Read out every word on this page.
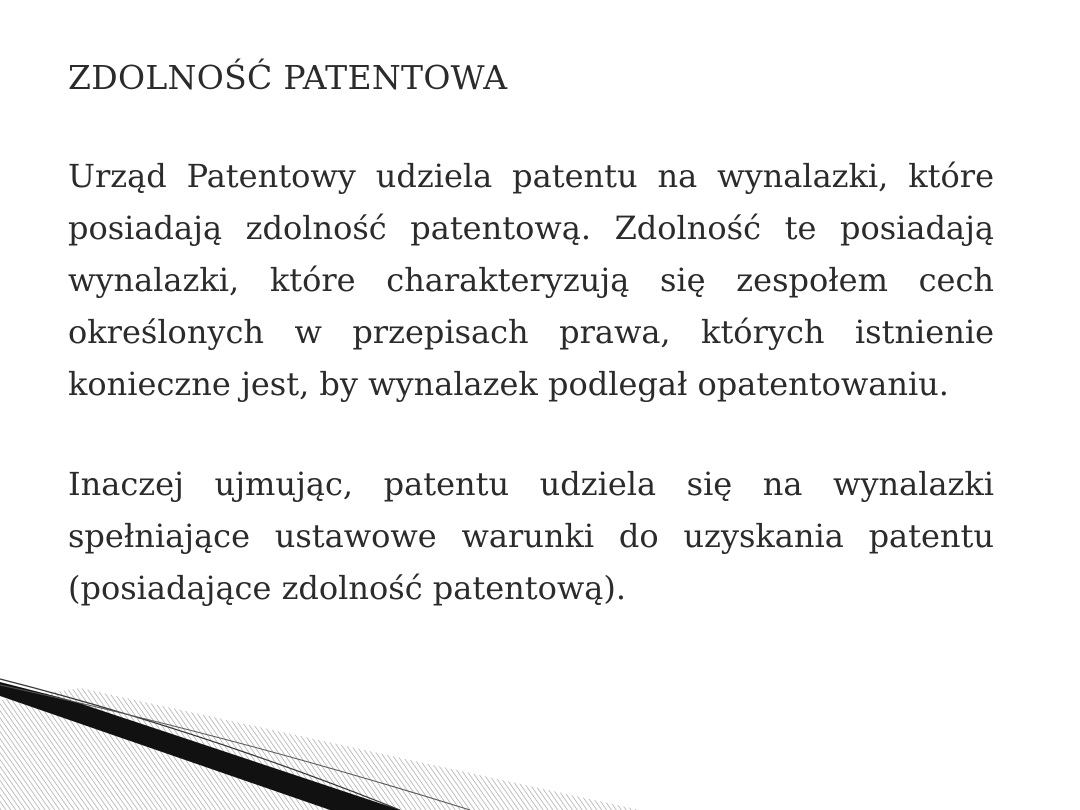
ZDOLNOŚĆ PATENTOWA

Urząd Patentowy udziela patentu na wynalazki, które posiadają zdolność patentową. Zdolność te posiadają wynalazki, które charakteryzują się zespołem cech określonych w przepisach prawa, których istnienie konieczne jest, by wynalazek podlegał opatentowaniu.

Inaczej ujmując, patentu udziela się na wynalazki spełniające ustawowe warunki do uzyskania patentu (posiadające zdolność patentową).
